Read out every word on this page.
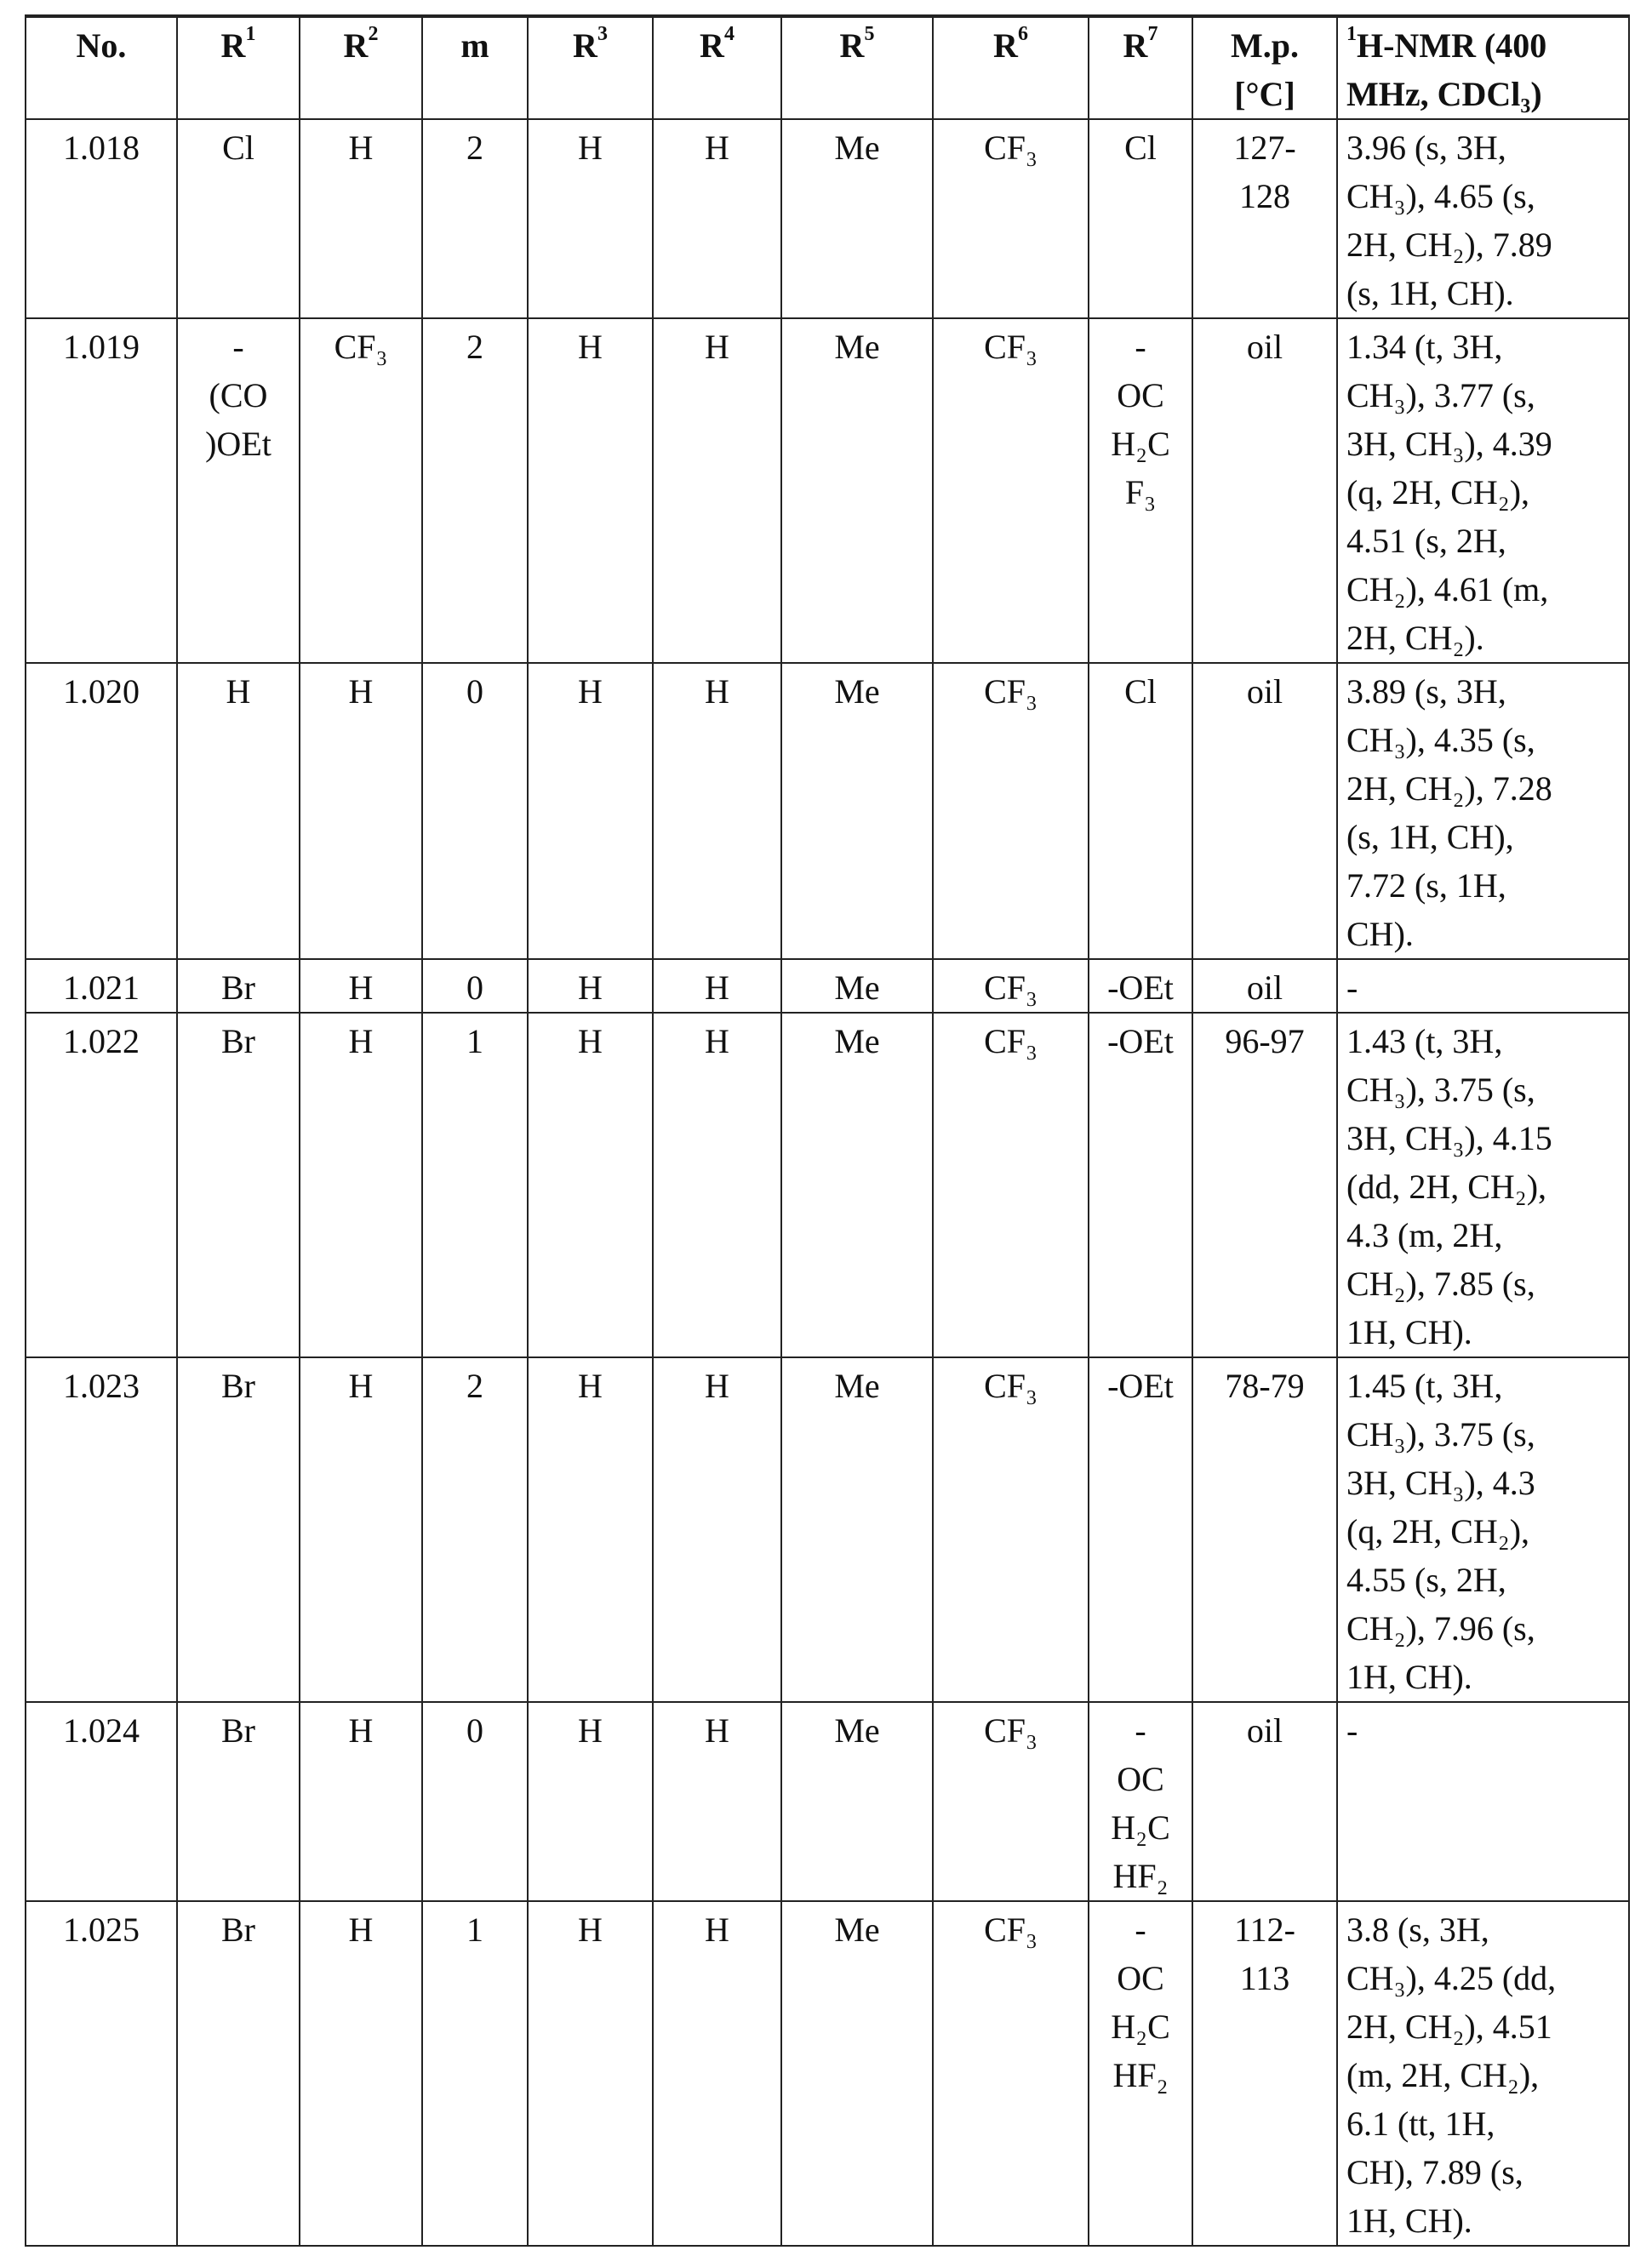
No.	R1	R2	m	R3	R4	R5	R6	R7	M.p.
[°C]	1H-NMR (400
MHz, CDCl₃)
1.018	Cl	H	2	H	H	Me	CF₃	Cl	127-
128	3.96 (s, 3H,
CH₃), 4.65 (s,
2H, CH₂), 7.89
(s, 1H, CH).
1.019	-
(CO
)OEt	CF₃	2	H	H	Me	CF₃	-
OC
H₂C
F₃	oil	1.34 (t, 3H,
CH₃), 3.77 (s,
3H, CH₃), 4.39
(q, 2H, CH₂),
4.51 (s, 2H,
CH₂), 4.61 (m,
2H, CH₂).
1.020	H	H	0	H	H	Me	CF₃	Cl	oil	3.89 (s, 3H,
CH₃), 4.35 (s,
2H, CH₂), 7.28
(s, 1H, CH),
7.72 (s, 1H,
CH).
1.021	Br	H	0	H	H	Me	CF₃	-OEt	oil	-
1.022	Br	H	1	H	H	Me	CF₃	-OEt	96-97	1.43 (t, 3H,
CH₃), 3.75 (s,
3H, CH₃), 4.15
(dd, 2H, CH₂),
4.3 (m, 2H,
CH₂), 7.85 (s,
1H, CH).
1.023	Br	H	2	H	H	Me	CF₃	-OEt	78-79	1.45 (t, 3H,
CH₃), 3.75 (s,
3H, CH₃), 4.3
(q, 2H, CH₂),
4.55 (s, 2H,
CH₂), 7.96 (s,
1H, CH).
1.024	Br	H	0	H	H	Me	CF₃	-
OC
H₂C
HF₂	oil	-
1.025	Br	H	1	H	H	Me	CF₃	-
OC
H₂C
HF₂	112-
113	3.8 (s, 3H,
CH₃), 4.25 (dd,
2H, CH₂), 4.51
(m, 2H, CH₂),
6.1 (tt, 1H,
CH), 7.89 (s,
1H, CH).
